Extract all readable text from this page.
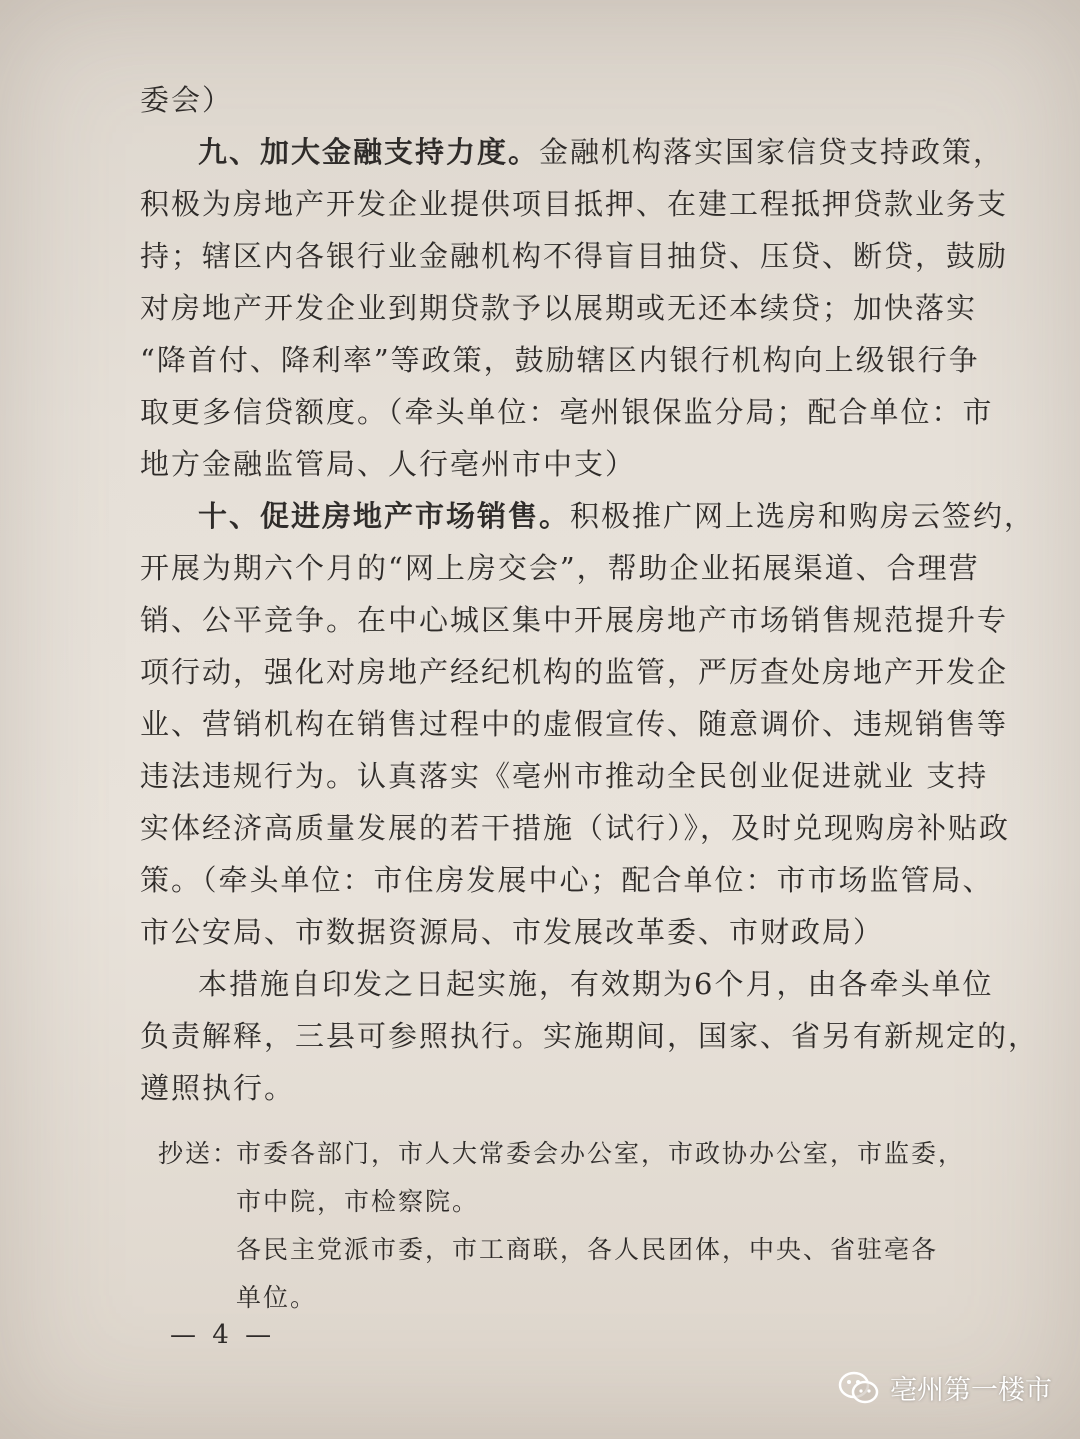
委会）
九、加大金融支持力度。金融机构落实国家信贷支持政策，
积极为房地产开发企业提供项目抵押、在建工程抵押贷款业务支
持；辖区内各银行业金融机构不得盲目抽贷、压贷、断贷，鼓励
对房地产开发企业到期贷款予以展期或无还本续贷；加快落实
“降首付、降利率”等政策，鼓励辖区内银行机构向上级银行争
取更多信贷额度。（牵头单位：亳州银保监分局；配合单位：市
地方金融监管局、人行亳州市中支）
十、促进房地产市场销售。积极推广网上选房和购房云签约，
开展为期六个月的“网上房交会”，帮助企业拓展渠道、合理营
销、公平竞争。在中心城区集中开展房地产市场销售规范提升专
项行动，强化对房地产经纪机构的监管，严厉查处房地产开发企
业、营销机构在销售过程中的虚假宣传、随意调价、违规销售等
违法违规行为。认真落实《亳州市推动全民创业促进就业 支持
实体经济高质量发展的若干措施（试行）》，及时兑现购房补贴政
策。（牵头单位：市住房发展中心；配合单位：市市场监管局、
市公安局、市数据资源局、市发展改革委、市财政局）
本措施自印发之日起实施，有效期为6个月，由各牵头单位
负责解释，三县可参照执行。实施期间，国家、省另有新规定的，
遵照执行。
抄送：市委各部门，市人大常委会办公室，市政协办公室，市监委，
市中院，市检察院。
各民主党派市委，市工商联，各人民团体，中央、省驻亳各
单位。
— 4 —
亳州第一楼市
